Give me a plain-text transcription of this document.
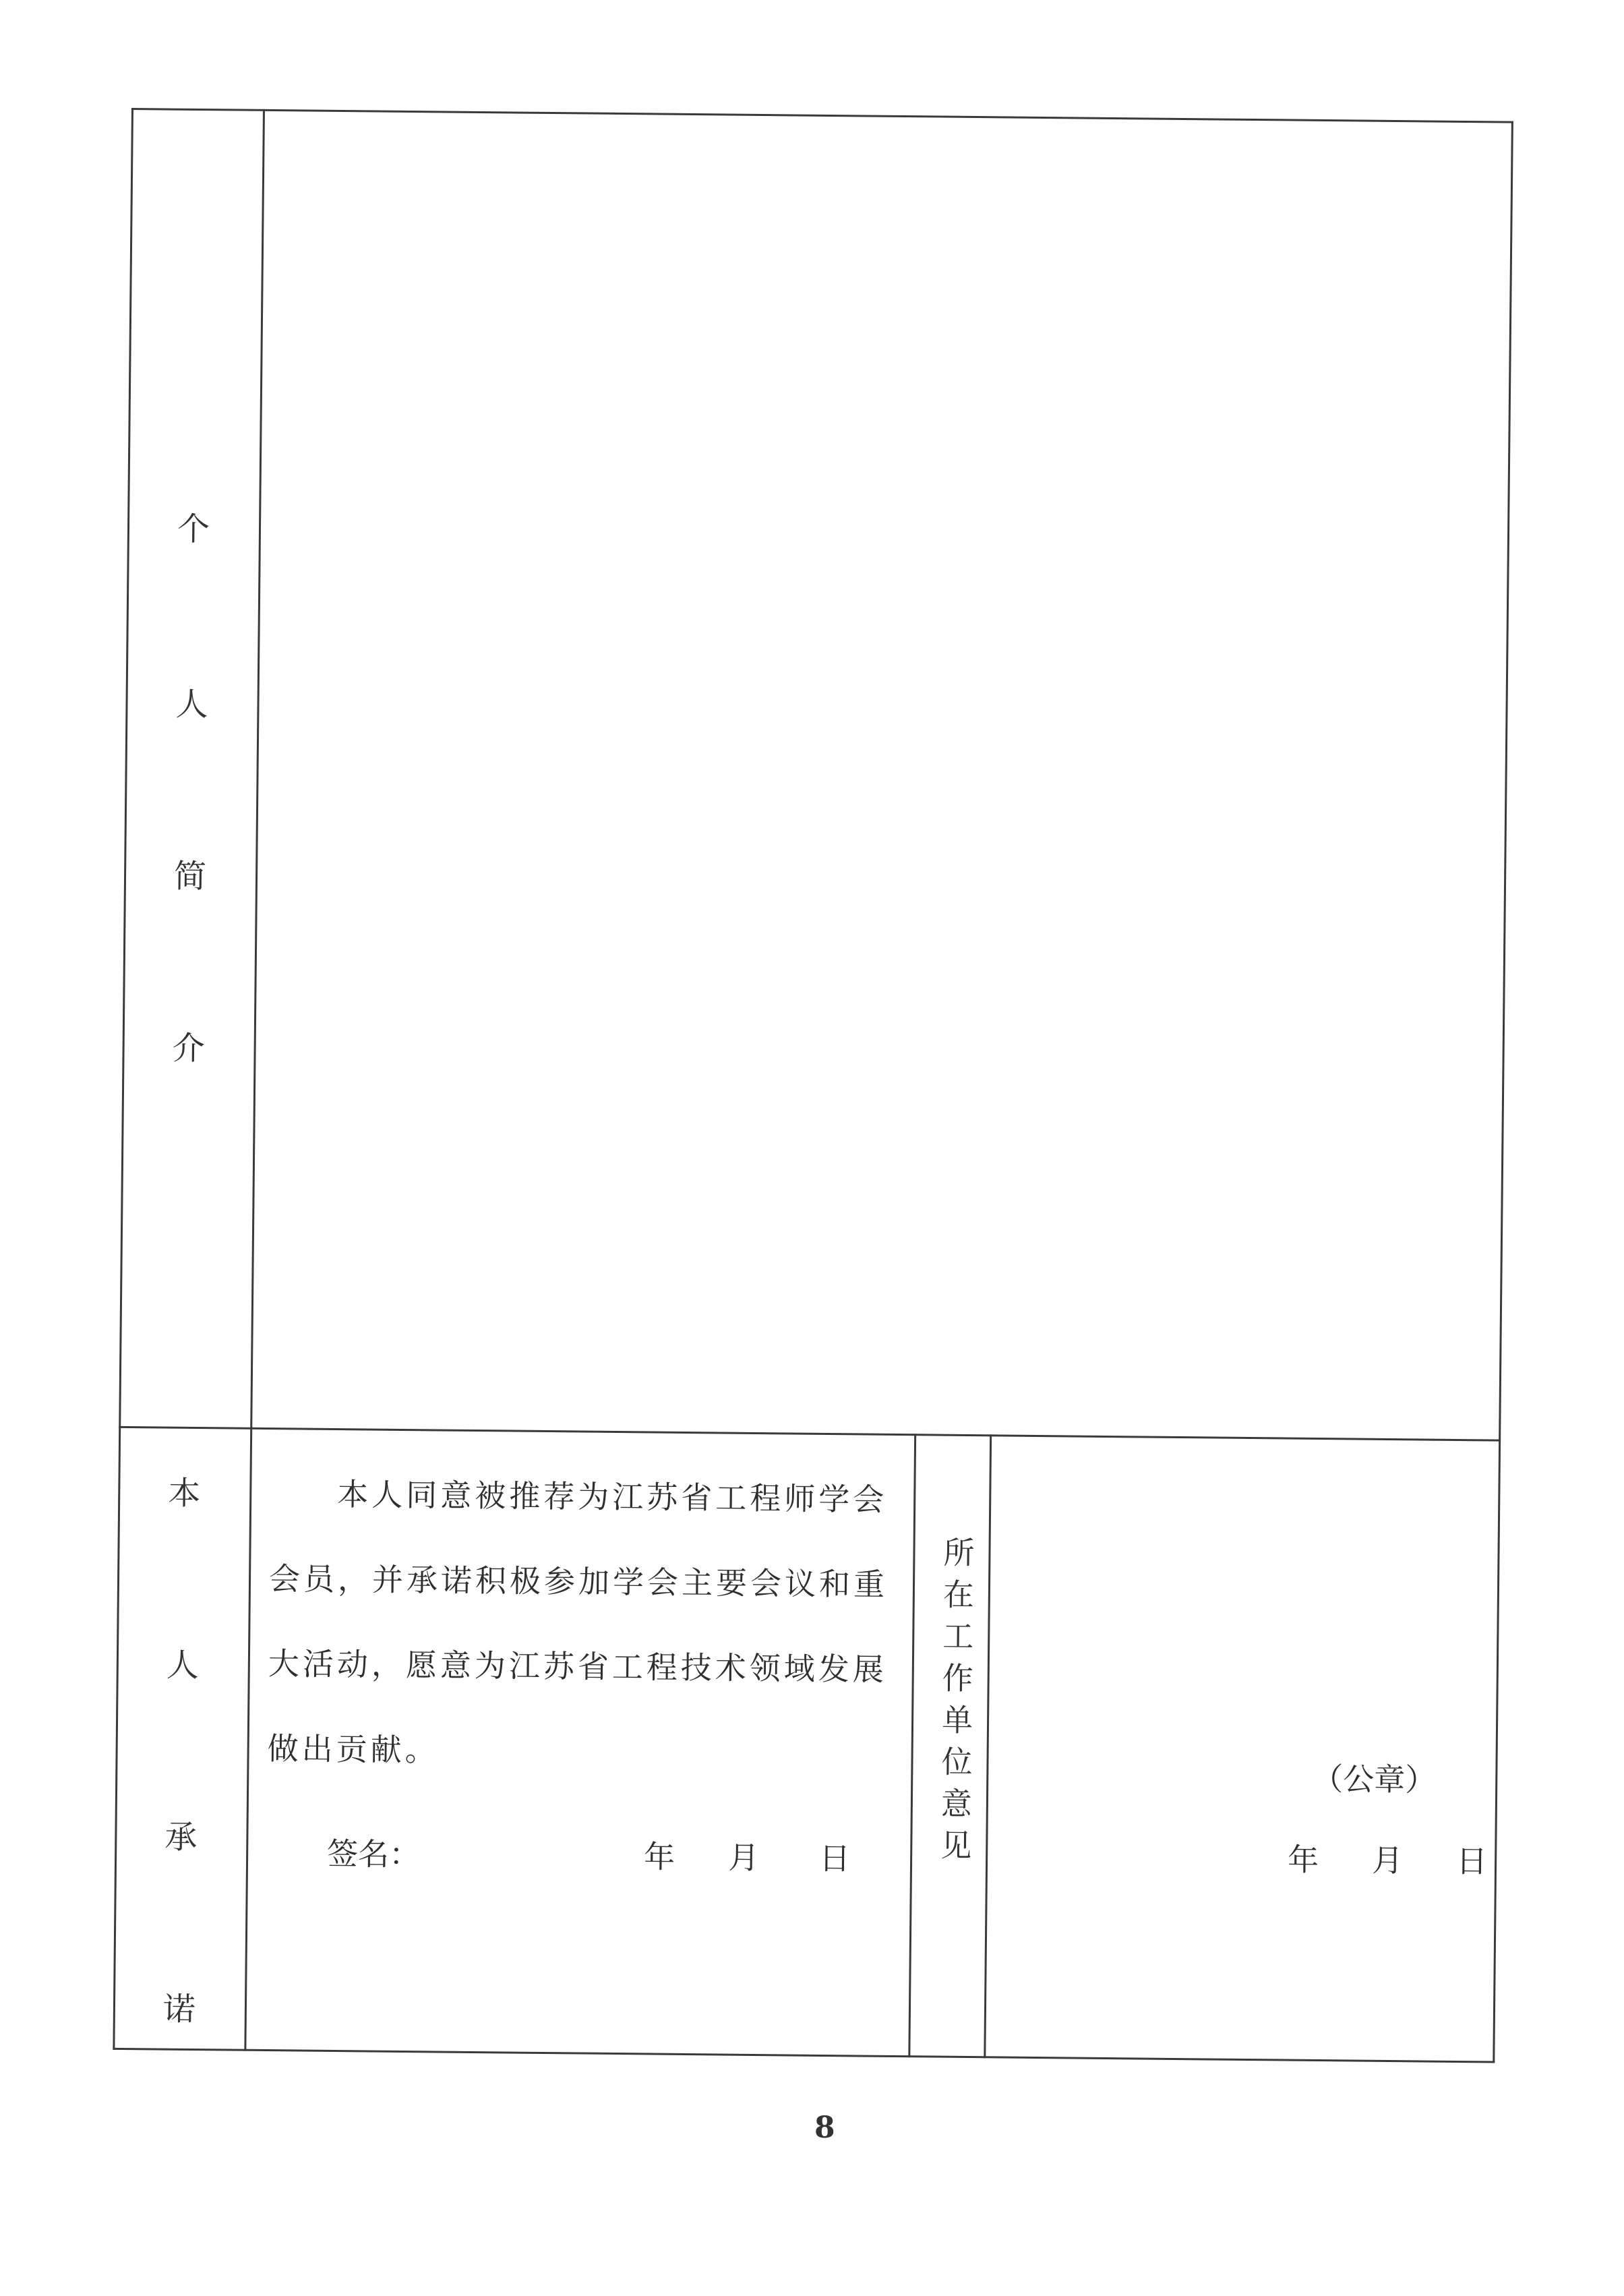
个
人
简
介
本
人
承
诺
本人同意被推荐为江苏省工程师学会会员，并承诺积极参加学会主要会议和重大活动，愿意为江苏省工程技术领域发展做出贡献。
签名：	年 月 日
所
在
工
作
单
位
意
见
（公章）
年 月 日
8
